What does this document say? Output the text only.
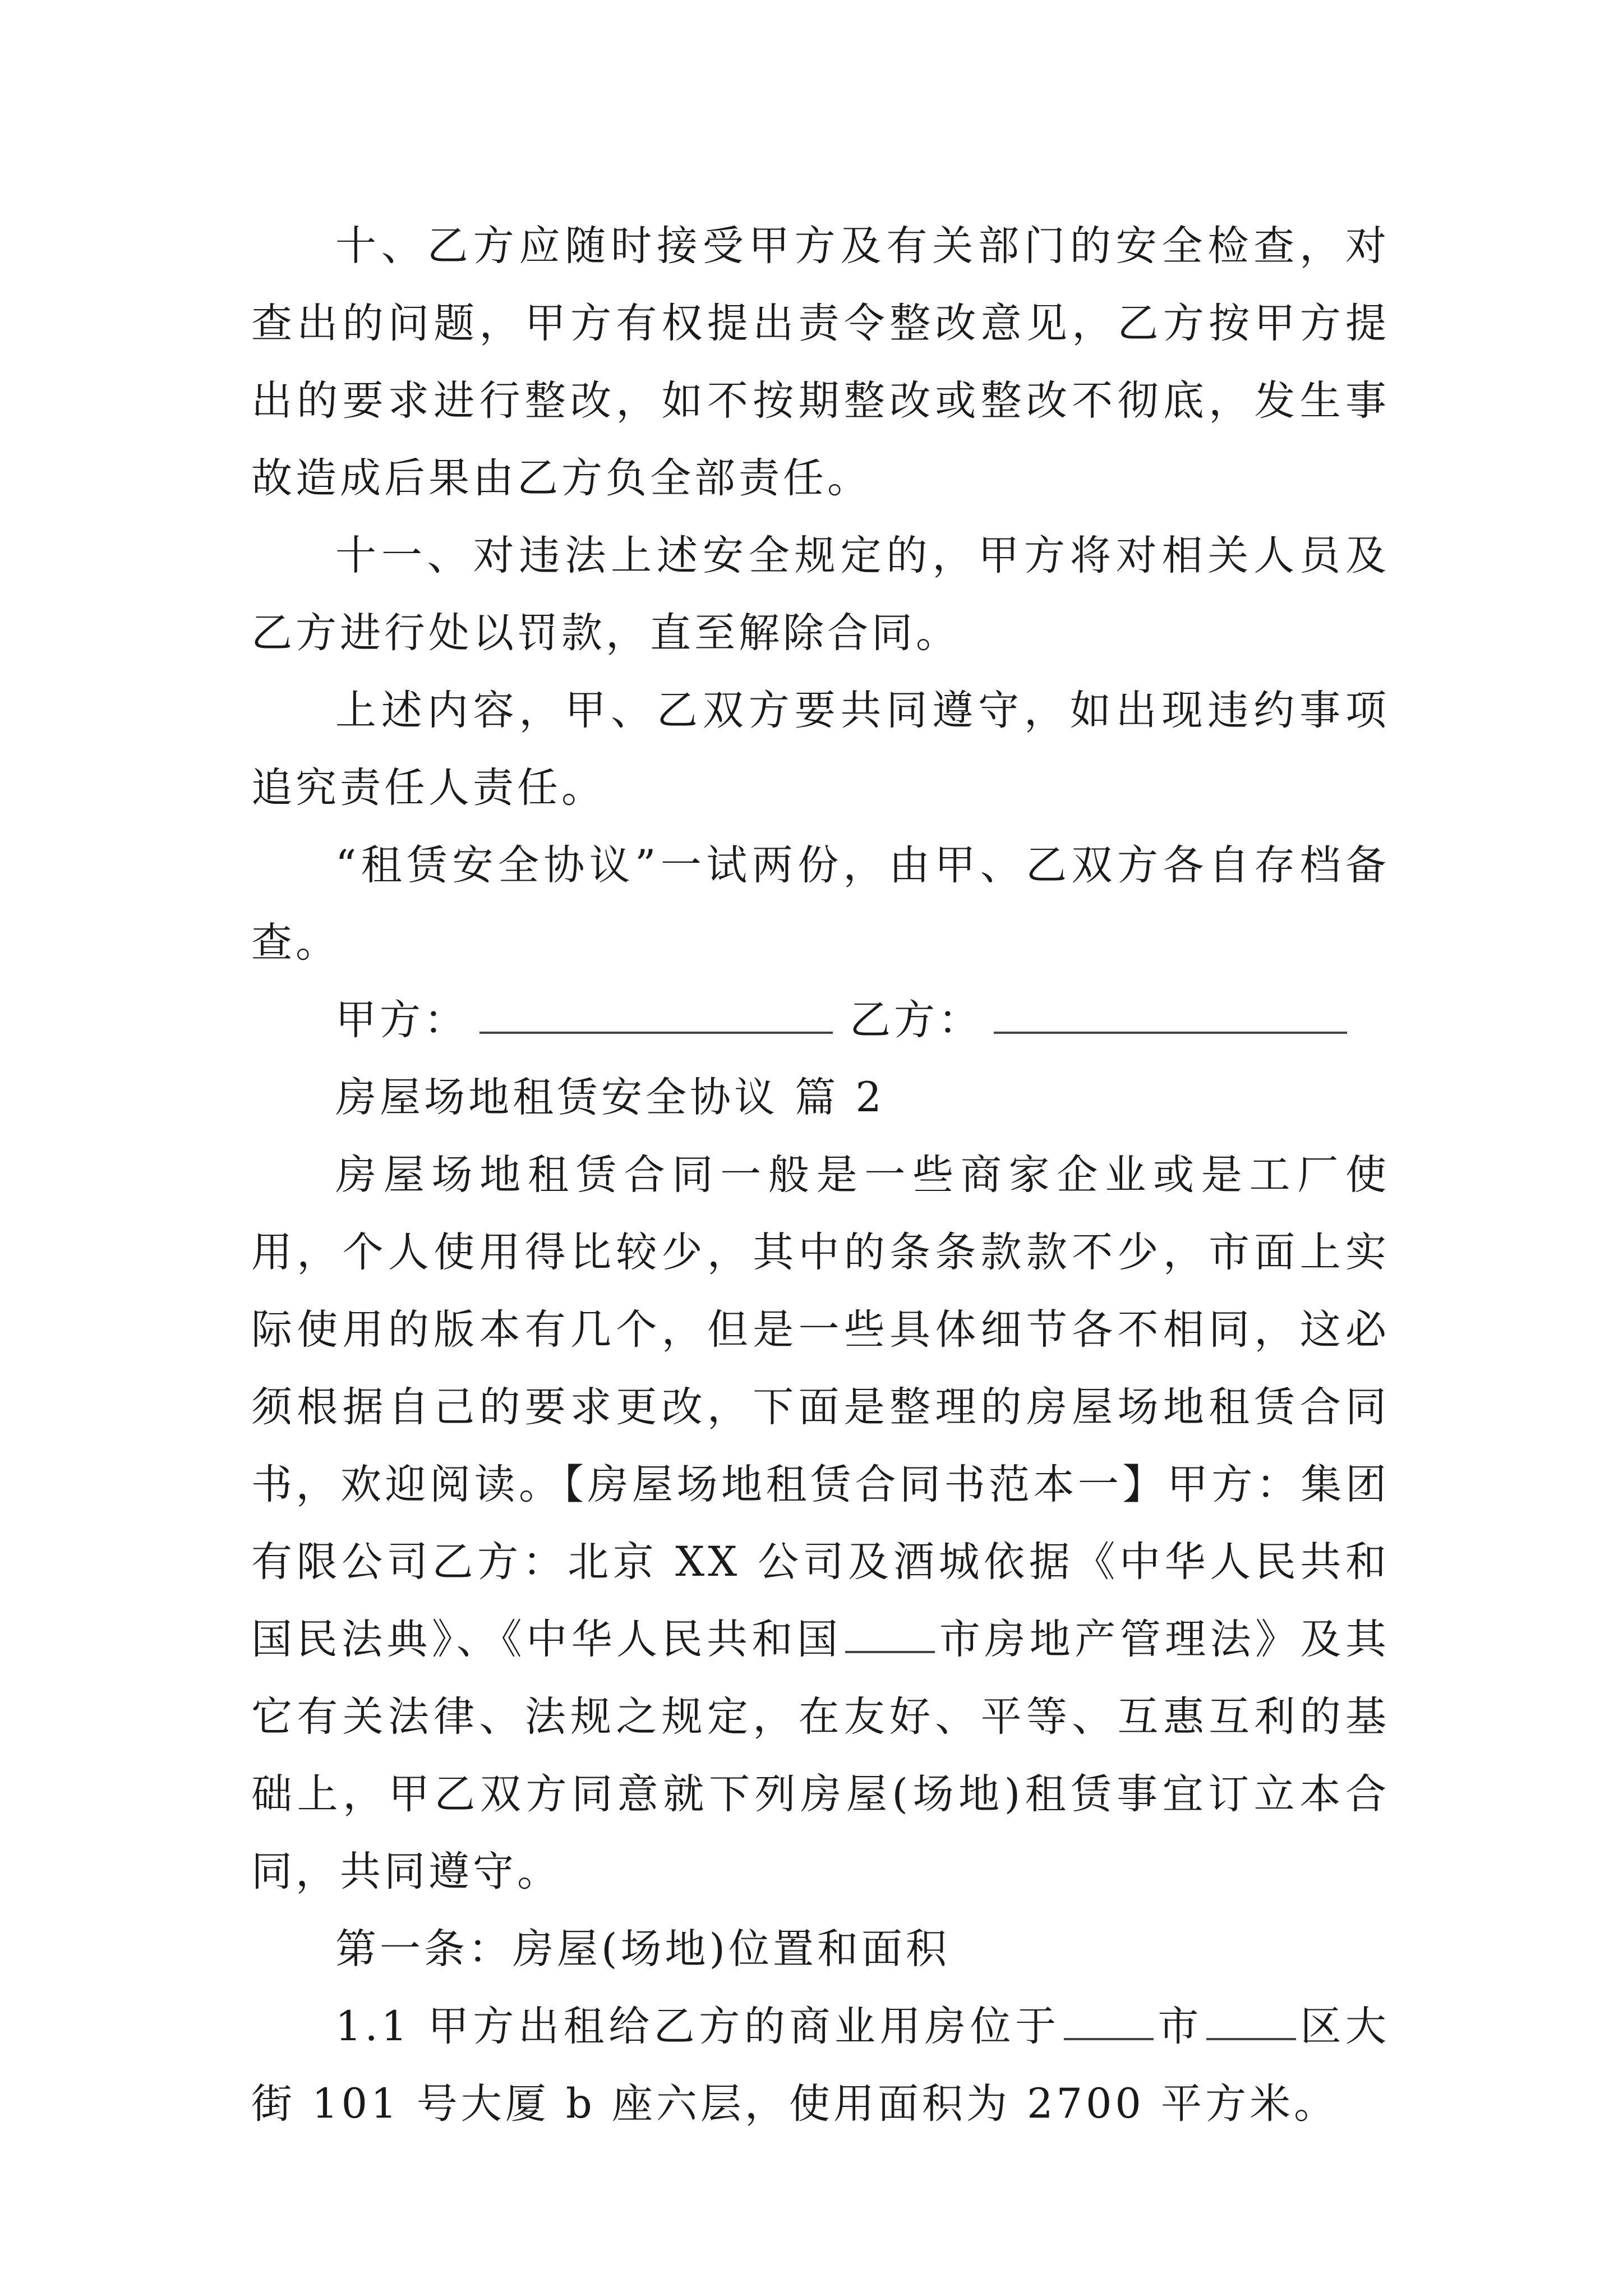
十、乙方应随时接受甲方及有关部门的安全检查，对查出的问题，甲方有权提出责令整改意见，乙方按甲方提出的要求进行整改，如不按期整改或整改不彻底，发生事故造成后果由乙方负全部责任。

十一、对违法上述安全规定的，甲方将对相关人员及乙方进行处以罚款，直至解除合同。

上述内容，甲、乙双方要共同遵守，如出现违约事项追究责任人责任。

“租赁安全协议”一试两份，由甲、乙双方各自存档备查。

甲方：	乙方：

房屋场地租赁安全协议 篇 2

房屋场地租赁合同一般是一些商家企业或是工厂使用，个人使用得比较少，其中的条条款款不少，市面上实际使用的版本有几个，但是一些具体细节各不相同，这必须根据自己的要求更改，下面是整理的房屋场地租赁合同书，欢迎阅读。【房屋场地租赁合同书范本一】甲方：集团有限公司乙方：北京 XX 公司及酒城依据《中华人民共和国民法典》、《中华人民共和国 市房地产管理法》及其它有关法律、法规之规定，在友好、平等、互惠互利的基础上，甲乙双方同意就下列房屋(场地)租赁事宜订立本合同，共同遵守。

第一条：房屋(场地)位置和面积

1.1 甲方出租给乙方的商业用房位于 市 区大街 101 号大厦 b 座六层，使用面积为 2700 平方米。
